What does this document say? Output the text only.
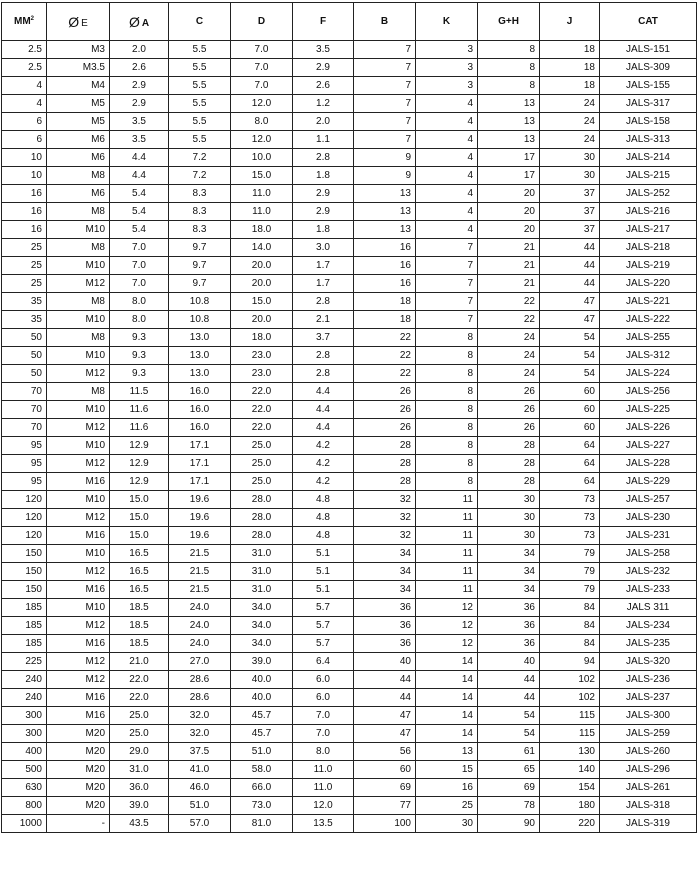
$MM^2$	Ø E	Ø A	C	D	F	B	K	G+H	J	CAT
2.5	M3	2.0	5.5	7.0	3.5	7	3	8	18	JALS-151
2.5	M3.5	2.6	5.5	7.0	2.9	7	3	8	18	JALS-309
4	M4	2.9	5.5	7.0	2.6	7	3	8	18	JALS-155
4	M5	2.9	5.5	12.0	1.2	7	4	13	24	JALS-317
6	M5	3.5	5.5	8.0	2.0	7	4	13	24	JALS-158
6	M6	3.5	5.5	12.0	1.1	7	4	13	24	JALS-313
10	M6	4.4	7.2	10.0	2.8	9	4	17	30	JALS-214
10	M8	4.4	7.2	15.0	1.8	9	4	17	30	JALS-215
16	M6	5.4	8.3	11.0	2.9	13	4	20	37	JALS-252
16	M8	5.4	8.3	11.0	2.9	13	4	20	37	JALS-216
16	M10	5.4	8.3	18.0	1.8	13	4	20	37	JALS-217
25	M8	7.0	9.7	14.0	3.0	16	7	21	44	JALS-218
25	M10	7.0	9.7	20.0	1.7	16	7	21	44	JALS-219
25	M12	7.0	9.7	20.0	1.7	16	7	21	44	JALS-220
35	M8	8.0	10.8	15.0	2.8	18	7	22	47	JALS-221
35	M10	8.0	10.8	20.0	2.1	18	7	22	47	JALS-222
50	M8	9.3	13.0	18.0	3.7	22	8	24	54	JALS-255
50	M10	9.3	13.0	23.0	2.8	22	8	24	54	JALS-312
50	M12	9.3	13.0	23.0	2.8	22	8	24	54	JALS-224
70	M8	11.5	16.0	22.0	4.4	26	8	26	60	JALS-256
70	M10	11.6	16.0	22.0	4.4	26	8	26	60	JALS-225
70	M12	11.6	16.0	22.0	4.4	26	8	26	60	JALS-226
95	M10	12.9	17.1	25.0	4.2	28	8	28	64	JALS-227
95	M12	12.9	17.1	25.0	4.2	28	8	28	64	JALS-228
95	M16	12.9	17.1	25.0	4.2	28	8	28	64	JALS-229
120	M10	15.0	19.6	28.0	4.8	32	11	30	73	JALS-257
120	M12	15.0	19.6	28.0	4.8	32	11	30	73	JALS-230
120	M16	15.0	19.6	28.0	4.8	32	11	30	73	JALS-231
150	M10	16.5	21.5	31.0	5.1	34	11	34	79	JALS-258
150	M12	16.5	21.5	31.0	5.1	34	11	34	79	JALS-232
150	M16	16.5	21.5	31.0	5.1	34	11	34	79	JALS-233
185	M10	18.5	24.0	34.0	5.7	36	12	36	84	JALS 311
185	M12	18.5	24.0	34.0	5.7	36	12	36	84	JALS-234
185	M16	18.5	24.0	34.0	5.7	36	12	36	84	JALS-235
225	M12	21.0	27.0	39.0	6.4	40	14	40	94	JALS-320
240	M12	22.0	28.6	40.0	6.0	44	14	44	102	JALS-236
240	M16	22.0	28.6	40.0	6.0	44	14	44	102	JALS-237
300	M16	25.0	32.0	45.7	7.0	47	14	54	115	JALS-300
300	M20	25.0	32.0	45.7	7.0	47	14	54	115	JALS-259
400	M20	29.0	37.5	51.0	8.0	56	13	61	130	JALS-260
500	M20	31.0	41.0	58.0	11.0	60	15	65	140	JALS-296
630	M20	36.0	46.0	66.0	11.0	69	16	69	154	JALS-261
800	M20	39.0	51.0	73.0	12.0	77	25	78	180	JALS-318
1000	-	43.5	57.0	81.0	13.5	100	30	90	220	JALS-319
